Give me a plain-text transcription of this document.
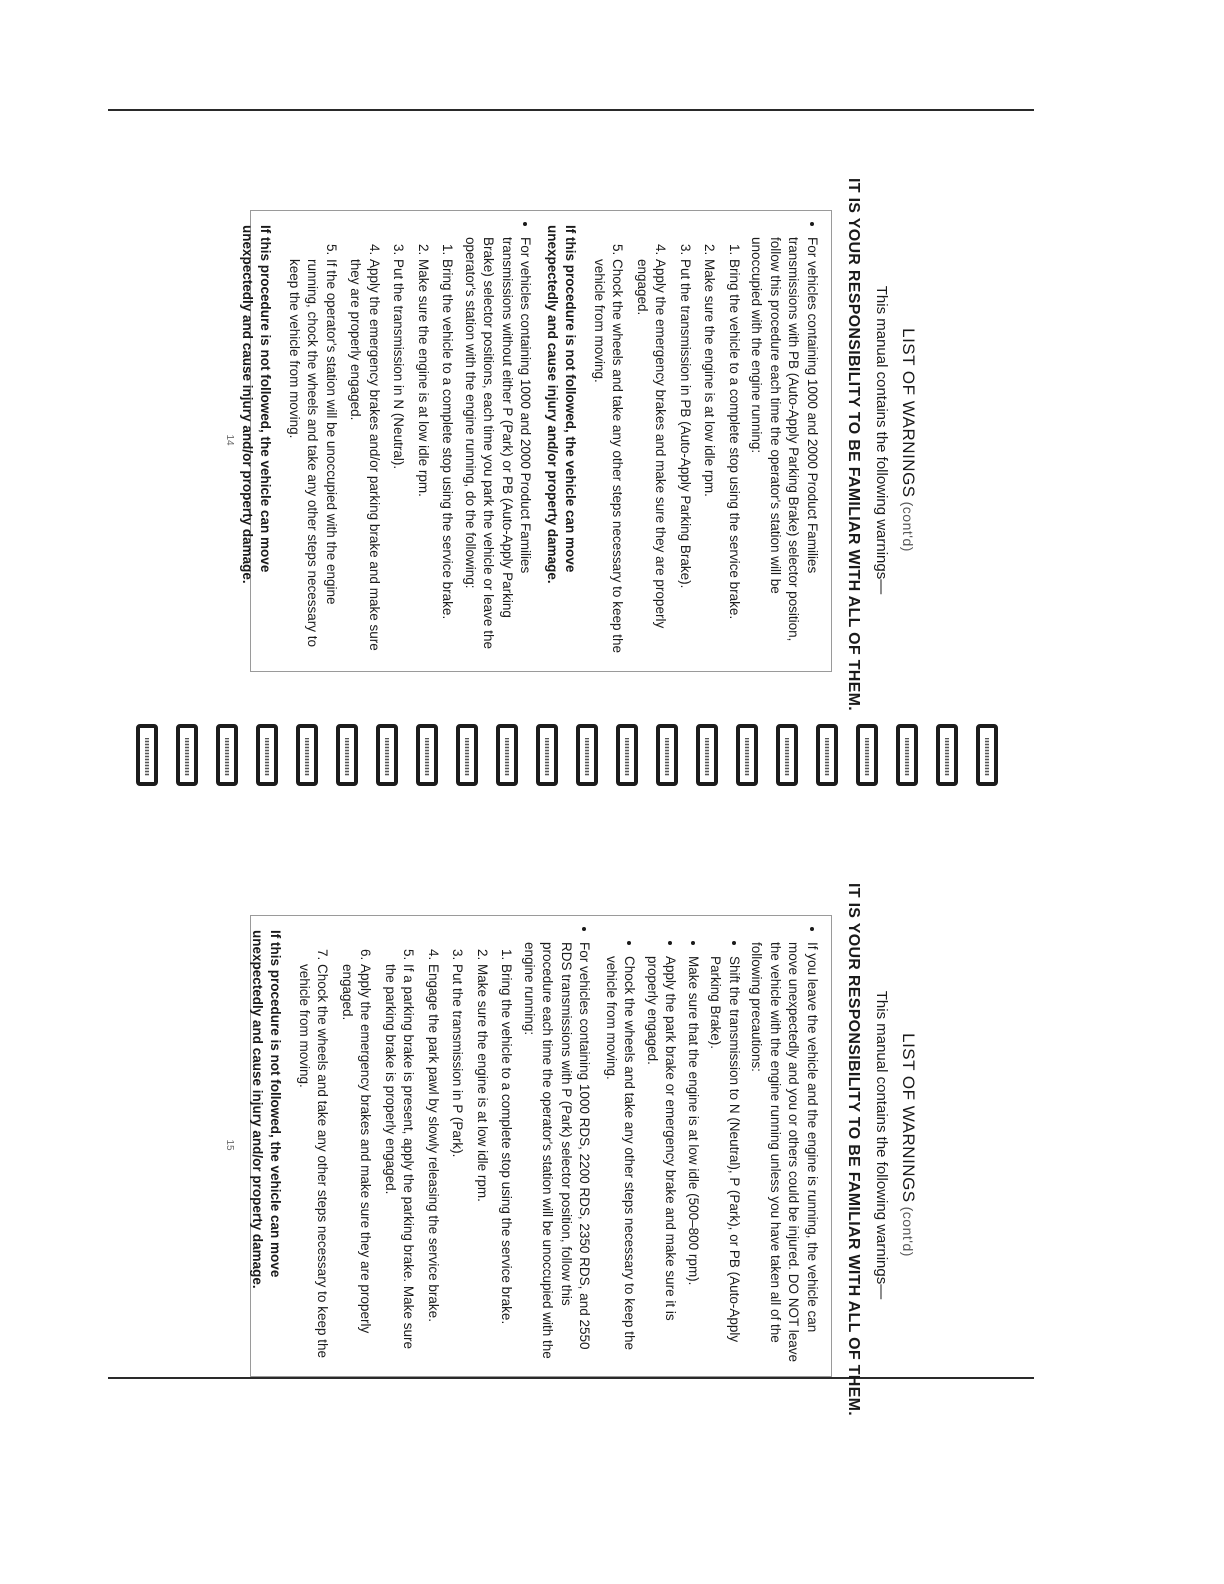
LIST OF WARNINGS(cont'd)
This manual contains the following warnings—
IT IS YOUR RESPONSIBILITY TO BE FAMILIAR WITH ALL OF THEM.
• For vehicles containing 1000 and 2000 Product Families transmissions with PB (Auto-Apply Parking Brake) selector position, follow this procedure each time the operator's station will be unoccupied with the engine running:
1. Bring the vehicle to a complete stop using the service brake.
2. Make sure the engine is at low idle rpm.
3. Put the transmission in PB (Auto-Apply Parking Brake).
4. Apply the emergency brakes and make sure they are properly engaged.
5. Chock the wheels and take any other steps necessary to keep the vehicle from moving.
If this procedure is not followed, the vehicle can move unexpectedly and cause injury and/or property damage.
• For vehicles containing 1000 and 2000 Product Families transmissions without either P (Park) or PB (Auto-Apply Parking Brake) selector positions, each time you park the vehicle or leave the operator's station with the engine running, do the following:
1. Bring the vehicle to a complete stop using the service brake.
2. Make sure the engine is at low idle rpm.
3. Put the transmission in N (Neutral).
4. Apply the emergency brakes and/or parking brake and make sure they are properly engaged.
5. If the operator's station will be unoccupied with the engine running, chock the wheels and take any other steps necessary to keep the vehicle from moving.
If this procedure is not followed, the vehicle can move unexpectedly and cause injury and/or property damage.
14
LIST OF WARNINGS(cont'd)
This manual contains the following warnings—
IT IS YOUR RESPONSIBILITY TO BE FAMILIAR WITH ALL OF THEM.
• If you leave the vehicle and the engine is running, the vehicle can move unexpectedly and you or others could be injured. DO NOT leave the vehicle with the engine running unless you have taken all of the following precautions:
• Shift the transmission to N (Neutral), P (Park), or PB (Auto-Apply Parking Brake).
• Make sure that the engine is at low idle (500–800 rpm).
• Apply the park brake or emergency brake and make sure it is properly engaged.
• Chock the wheels and take any other steps necessary to keep the vehicle from moving.
• For vehicles containing 1000 RDS, 2200 RDS, 2350 RDS, and 2550 RDS transmissions with P (Park) selector position, follow this procedure each time the operator's station will be unoccupied with the engine running:
1. Bring the vehicle to a complete stop using the service brake.
2. Make sure the engine is at low idle rpm.
3. Put the transmission in P (Park).
4. Engage the park pawl by slowly releasing the service brake.
5. If a parking brake is present, apply the parking brake. Make sure the parking brake is properly engaged.
6. Apply the emergency brakes and make sure they are properly engaged.
7. Chock the wheels and take any other steps necessary to keep the vehicle from moving.
If this procedure is not followed, the vehicle can move unexpectedly and cause injury and/or property damage.
15
